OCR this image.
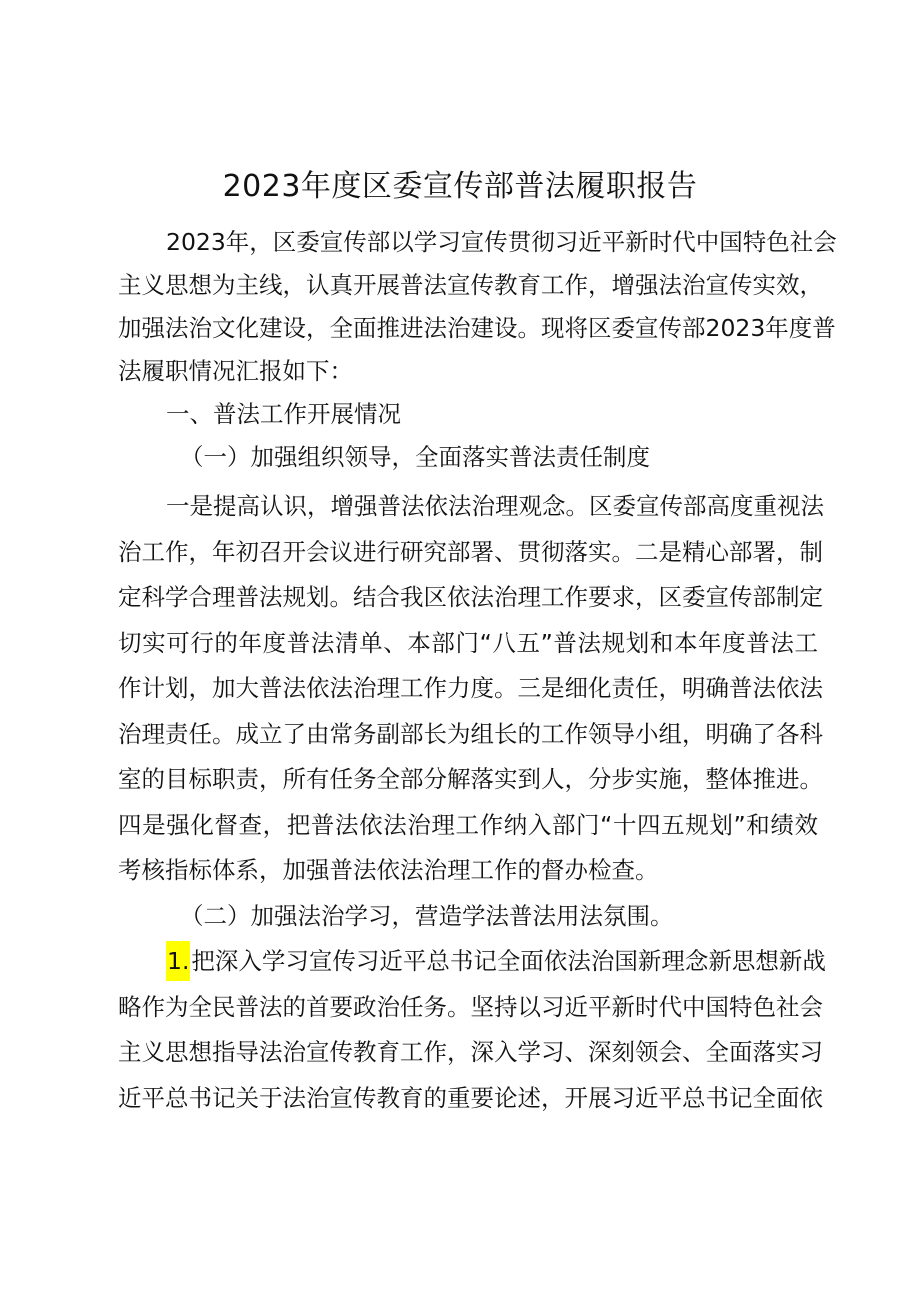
2023年度区委宣传部普法履职报告
2023年，区委宣传部以学习宣传贯彻习近平新时代中国特色社会
主义思想为主线，认真开展普法宣传教育工作，增强法治宣传实效，
加强法治文化建设，全面推进法治建设。现将区委宣传部2023年度普
法履职情况汇报如下：
一、普法工作开展情况
（一）加强组织领导，全面落实普法责任制度
一是提高认识，增强普法依法治理观念。区委宣传部高度重视法
治工作，年初召开会议进行研究部署、贯彻落实。二是精心部署，制
定科学合理普法规划。结合我区依法治理工作要求，区委宣传部制定
切实可行的年度普法清单、本部门“八五”普法规划和本年度普法工
作计划，加大普法依法治理工作力度。三是细化责任，明确普法依法
治理责任。成立了由常务副部长为组长的工作领导小组，明确了各科
室的目标职责，所有任务全部分解落实到人，分步实施，整体推进。
四是强化督查，把普法依法治理工作纳入部门“十四五规划”和绩效
考核指标体系，加强普法依法治理工作的督办检查。
（二）加强法治学习，营造学法普法用法氛围。
1.把深入学习宣传习近平总书记全面依法治国新理念新思想新战
略作为全民普法的首要政治任务。坚持以习近平新时代中国特色社会
主义思想指导法治宣传教育工作，深入学习、深刻领会、全面落实习
近平总书记关于法治宣传教育的重要论述，开展习近平总书记全面依
